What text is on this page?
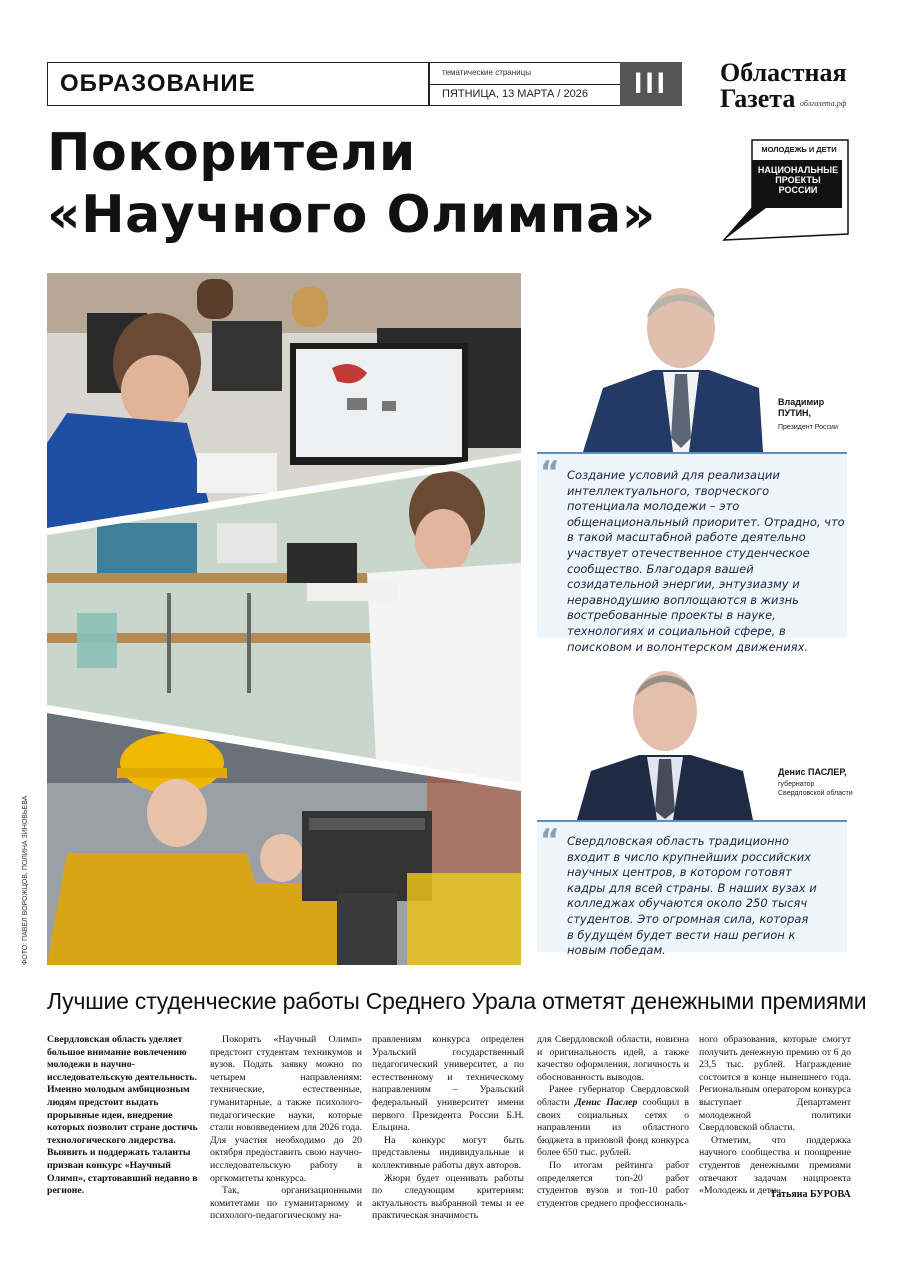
ОБРАЗОВАНИЕ	тематические страницы
ПЯТНИЦА, 13 МАРТА / 2026	III	Областная
Газета облгазета.рф
Покорители
«Научного Олимпа»
МОЛОДЕЖЬ И ДЕТИ
НАЦИОНАЛЬНЫЕ
ПРОЕКТЫ
РОССИИ
ФОТО: ПАВЕЛ ВОРОЖЦОВ, ПОЛИНА ЗИНОВЬЕВА
Владимир
ПУТИН,
Президент России
“ Создание условий для реализации интеллектуального, творческого потенциала молодежи – это общенациональный приоритет. Отрадно, что в такой масштабной работе деятельно участвует отечественное студенческое сообщество. Благодаря вашей созидательной энергии, энтузиазму и неравнодушию воплощаются в жизнь востребованные проекты в науке, технологиях и социальной сфере, в поисковом и волонтерском движениях.
Денис ПАСЛЕР,
губернатор
Свердловской области
“ Свердловская область традиционно входит в число крупнейших российских научных центров, в котором готовят кадры для всей страны. В наших вузах и колледжах обучаются около 250 тысяч студентов. Это огромная сила, которая в будущем будет вести наш регион к новым победам.
Лучшие студенческие работы Среднего Урала отметят денежными премиями
Свердловская область уделяет большое внимание вовлечению молодежи в научно-исследовательскую деятельность. Именно молодым амбициозным людям предстоит выдать прорывные идеи, внедрение которых позволит стране достичь технологического лидерства. Выявить и поддержать таланты призван конкурс «Научный Олимп», стартовавший недавно в регионе.

Покорять «Научный Олимп» предстоит студентам техникумов и вузов. Подать заявку можно по четырем направлениям: технические, естественные, гуманитарные, а также психолого-педагогические науки, которые стали нововведением для 2026 года. Для участия необходимо до 20 октября предоставить свою научно-исследовательскую работу в оргкомитеты конкурса.

Так, организационными комитетами по гуманитарному и психолого-педагогическому на-

правлениям конкурса определен Уральский государственный педагогический университет, а по естественному и техническому направлениям – Уральский федеральный университет имени первого Президента России Б.Н. Ельцина.

На конкурс могут быть представлены индивидуальные и коллективные работы двух авторов.

Жюри будет оценивать работы по следующим критериям: актуальность выбранной темы и ее практическая значимость

для Свердловской области, новизна и оригинальность идей, а также качество оформления, логичность и обоснованность выводов.

Ранее губернатор Свердловской области Денис Паслер сообщил в своих социальных сетях о направлении из областного бюджета в призовой фонд конкурса более 650 тыс. рублей.

По итогам рейтинга работ определяется топ-20 работ студентов вузов и топ-10 работ студентов среднего профессиональ-

ного образования, которые смогут получить денежную премию от 6 до 23,5 тыс. рублей. Награждение состоится в конце нынешнего года. Региональным оператором конкурса выступает Департамент молодежной политики Свердловской области.

Отметим, что поддержка научного сообщества и поощрение студентов денежными премиями отвечают задачам нацпроекта «Молодежь и дети».

Татьяна БУРОВА
